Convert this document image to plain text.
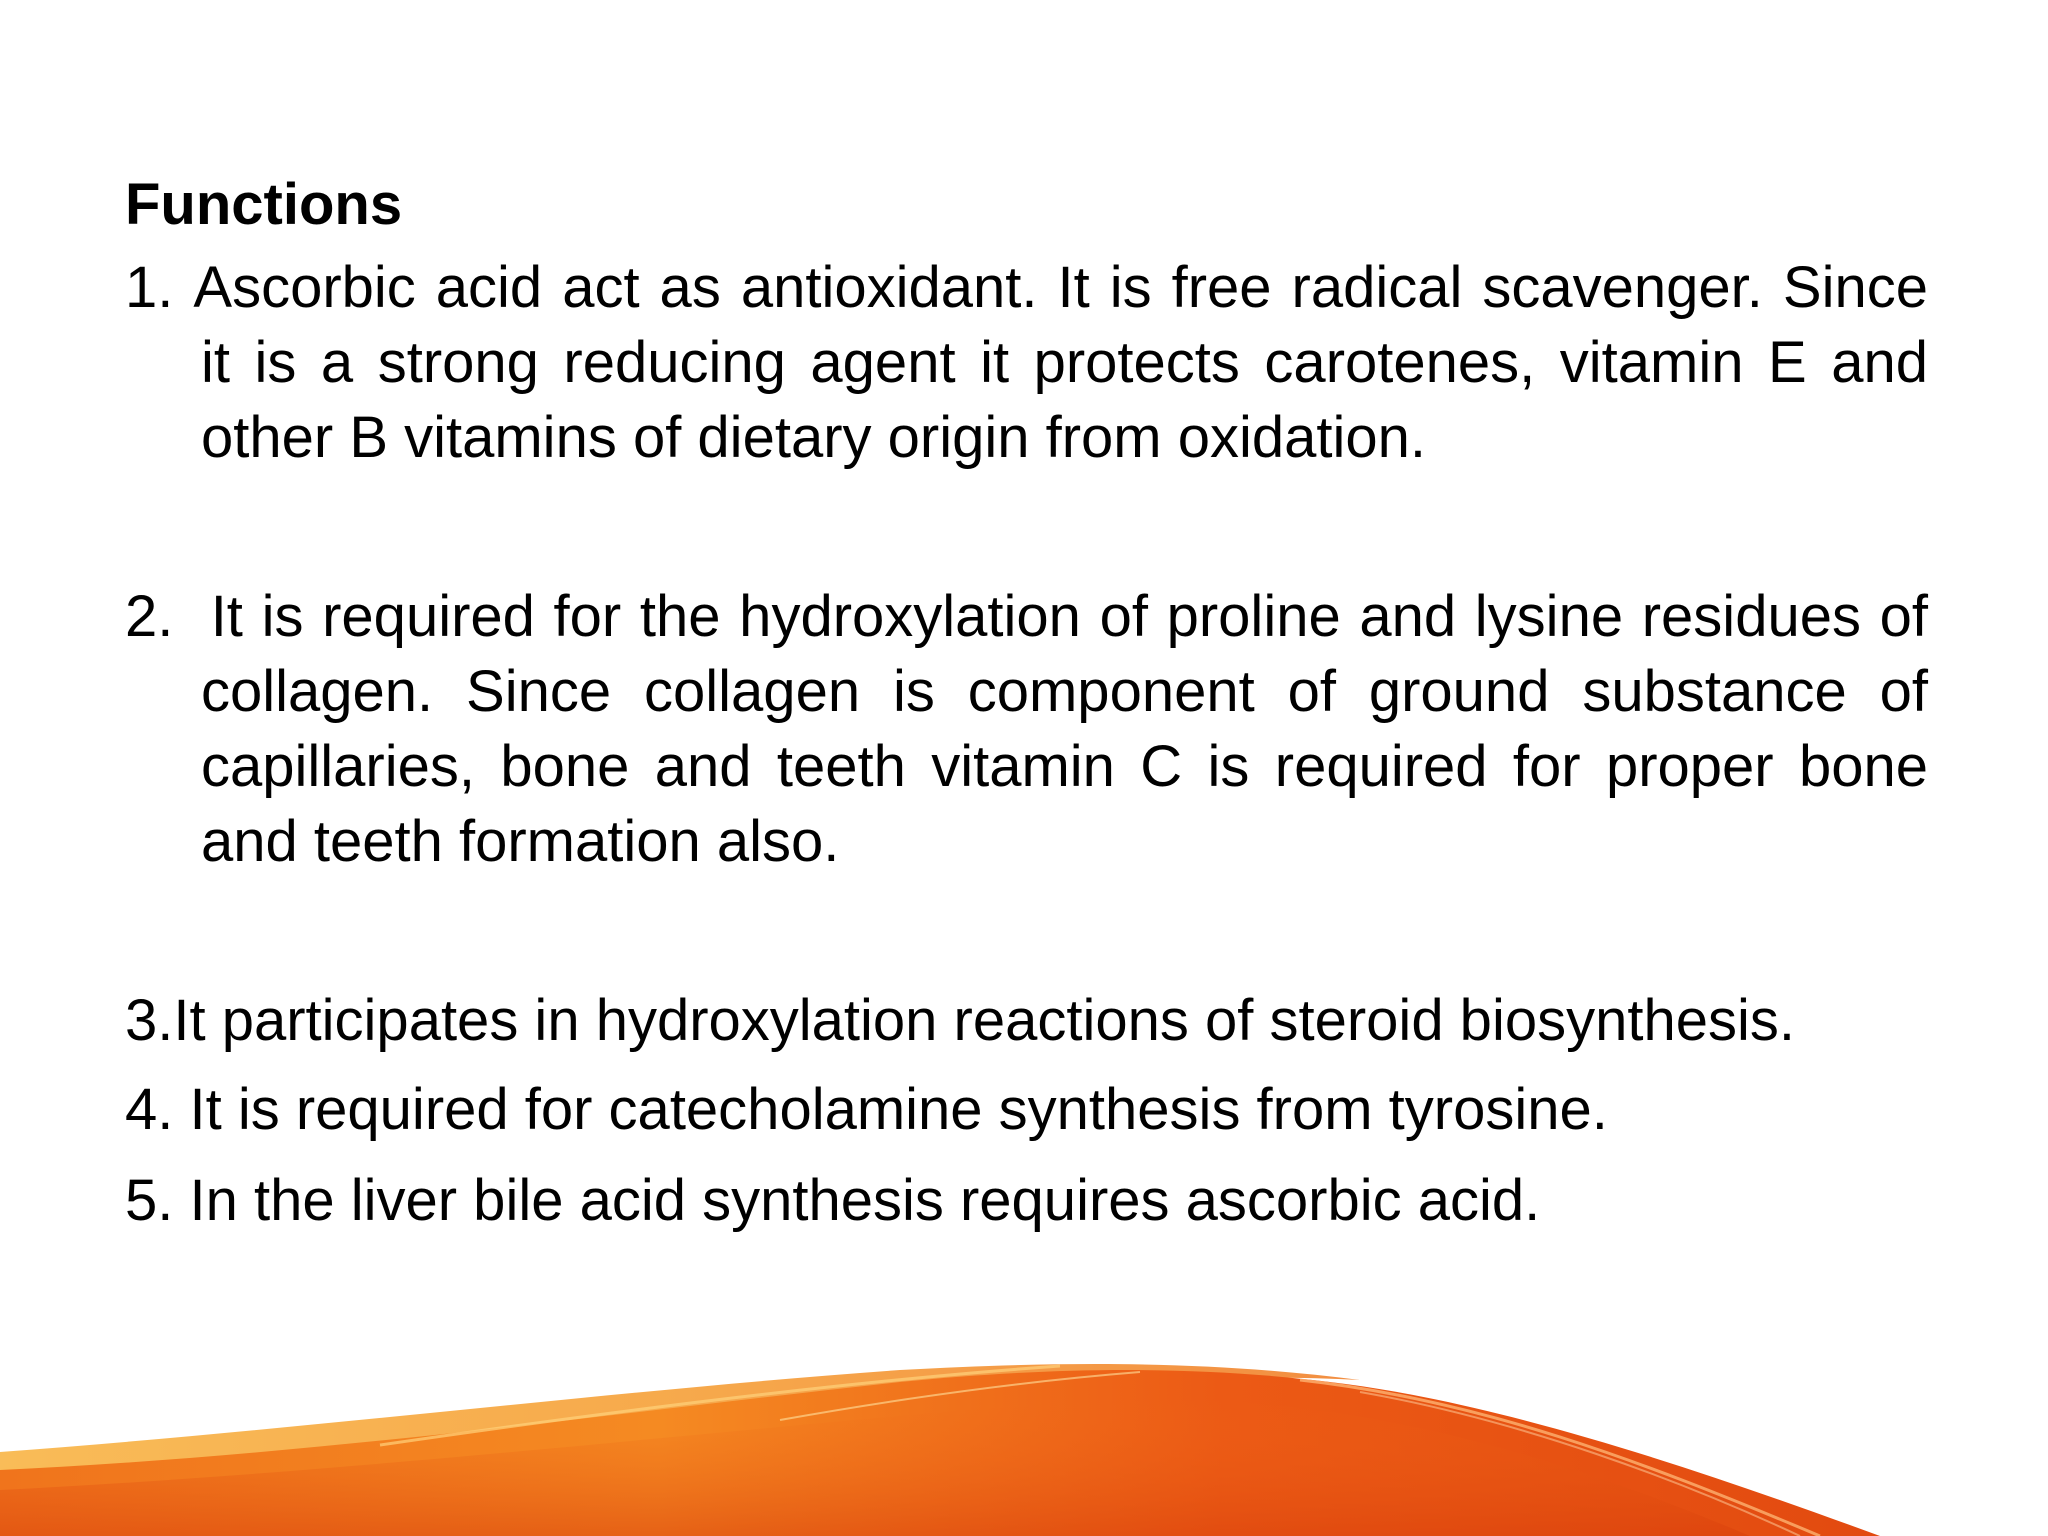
Functions
1. Ascorbic acid act as antioxidant. It is free radical scavenger. Since it is a strong reducing agent it protects carotenes, vitamin E and other B vitamins of dietary origin from oxidation.
2. It is required for the hydroxylation of proline and lysine residues of collagen. Since collagen is component of ground substance of capillaries, bone and teeth vitamin C is required for proper bone and teeth formation also.
3.It participates in hydroxylation reactions of steroid biosynthesis.
4. It is required for catecholamine synthesis from tyrosine.
5. In the liver bile acid synthesis requires ascorbic acid.
